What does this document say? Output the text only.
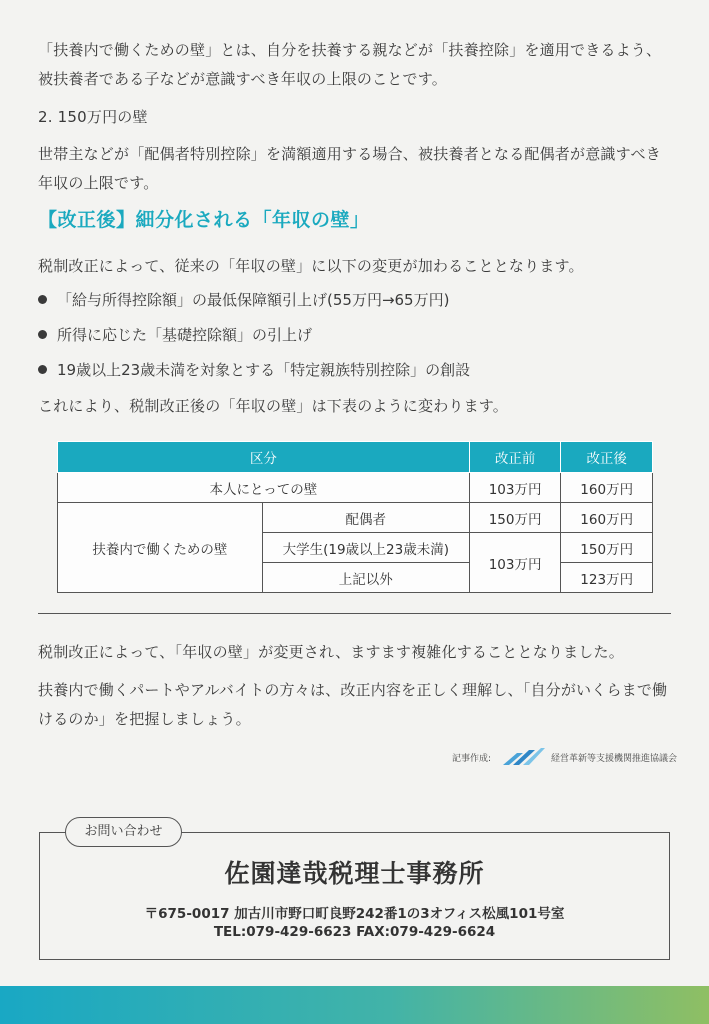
「扶養内で働くための壁」とは、自分を扶養する親などが「扶養控除」を適用できるよう、被扶養者である子などが意識すべき年収の上限のことです。

2. 150万円の壁

世帯主などが「配偶者特別控除」を満額適用する場合、被扶養者となる配偶者が意識すべき年収の上限です。

【改正後】細分化される「年収の壁」

税制改正によって、従来の「年収の壁」に以下の変更が加わることとなります。

「給与所得控除額」の最低保障額引上げ(55万円→65万円)
所得に応じた「基礎控除額」の引上げ
19歳以上23歳未満を対象とする「特定親族特別控除」の創設

これにより、税制改正後の「年収の壁」は下表のように変わります。

区分		改正前	改正後
本人にとっての壁		103万円	160万円
扶養内で働くための壁	配偶者	150万円	160万円
	大学生(19歳以上23歳未満)	103万円	150万円
	上記以外		123万円

税制改正によって、「年収の壁」が変更され、ますます複雑化することとなりました。

扶養内で働くパートやアルバイトの方々は、改正内容を正しく理解し、「自分がいくらまで働けるのか」を把握しましょう。

記事作成:	経営革新等支援機関推進協議会
お問い合わせ
佐園達哉税理士事務所
〒675-0017 加古川市野口町良野242番1の3オフィス松風101号室
TEL:079-429-6623 FAX:079-429-6624
